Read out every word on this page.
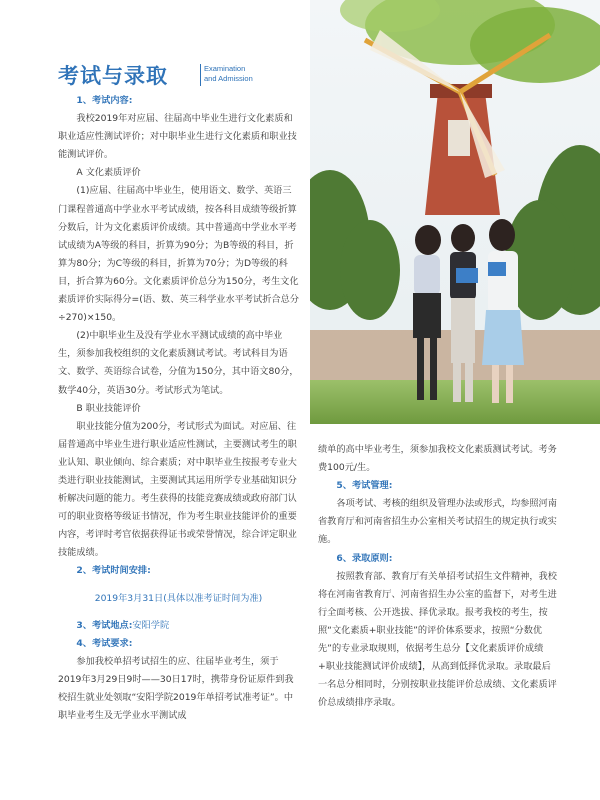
考试与录取	Examination
and Admission

1、考试内容:

我校2019年对应届、往届高中毕业生进行文化素质和职业适应性测试评价；对中职毕业生进行文化素质和职业技能测试评价。

A 文化素质评价

(1)应届、往届高中毕业生，使用语文、数学、英语三门课程普通高中学业水平考试成绩，按各科目成绩等级折算分数后，计为文化素质评价成绩。其中普通高中学业水平考试成绩为A等级的科目，折算为90分；为B等级的科目，折算为80分；为C等级的科目，折算为70分；为D等级的科目，折合算为60分。文化素质评价总分为150分，考生文化素质评价实际得分=(语、数、英三科学业水平考试折合总分÷270)×150。

(2)中职毕业生及没有学业水平测试成绩的高中毕业生，须参加我校组织的文化素质测试考试。考试科目为语文、数学、英语综合试卷，分值为150分，其中语文80分，数学40分，英语30分。考试形式为笔试。

B 职业技能评价

职业技能分值为200分，考试形式为面试。对应届、往届普通高中毕业生进行职业适应性测试，主要测试考生的职业认知、职业倾向、综合素质；对中职毕业生按报考专业大类进行职业技能测试，主要测试其运用所学专业基础知识分析解决问题的能力。考生获得的技能竞赛成绩或政府部门认可的职业资格等级证书情况，作为考生职业技能评价的重要内容，考评时考官依据获得证书或荣誉情况，综合评定职业技能成绩。

2、考试时间安排:

2019年3月31日(具体以准考证时间为准)

3、考试地点:安阳学院

4、考试要求:

参加我校单招考试招生的应、往届毕业考生，须于2019年3月29日9时——30日17时，携带身份证原件到我校招生就业处领取“安阳学院2019年单招考试准考证”。中职毕业考生及无学业水平测试成

绩单的高中毕业考生，须参加我校文化素质测试考试。考务费100元/生。

5、考试管理:

各项考试、考核的组织及管理办法或形式，均参照河南省教育厅和河南省招生办公室相关考试招生的规定执行或实施。

6、录取原则:

按照教育部、教育厅有关单招考试招生文件精神，我校将在河南省教育厅、河南省招生办公室的监督下，对考生进行全面考核、公开选拔、择优录取。报考我校的考生，按照“文化素质+职业技能”的评价体系要求，按照“分数优先”的专业录取规则，依据考生总分【文化素质评价成绩+职业技能测试评价成绩】，从高到低择优录取。录取最后一名总分相同时，分别按职业技能评价总成绩、文化素质评价总成绩排序录取。
